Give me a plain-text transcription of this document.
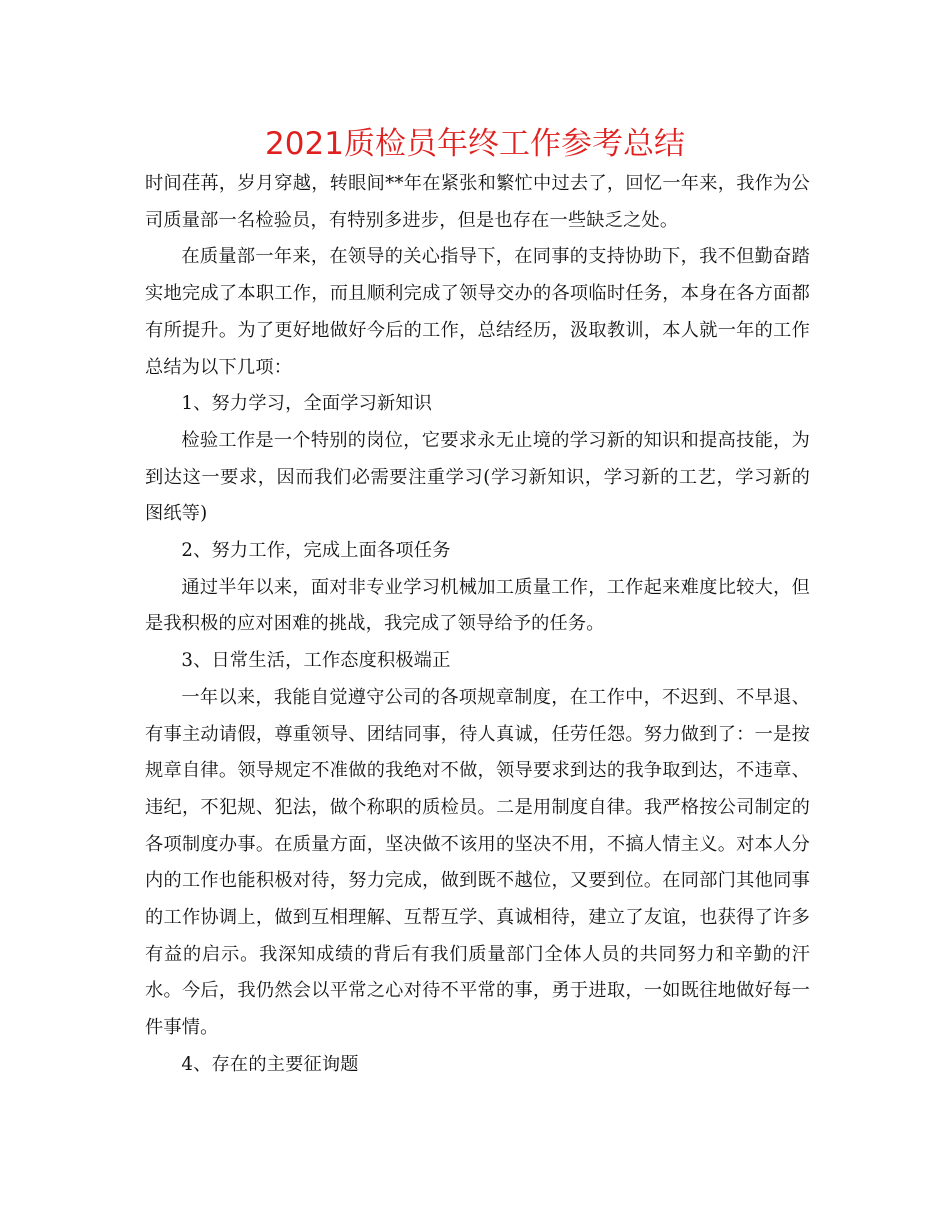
2021质检员年终工作参考总结

时间荏苒，岁月穿越，转眼间**年在紧张和繁忙中过去了，回忆一年来，我作为公司质量部一名检验员，有特别多进步，但是也存在一些缺乏之处。

在质量部一年来，在领导的关心指导下，在同事的支持协助下，我不但勤奋踏实地完成了本职工作，而且顺利完成了领导交办的各项临时任务，本身在各方面都有所提升。为了更好地做好今后的工作，总结经历，汲取教训，本人就一年的工作总结为以下几项：

1、努力学习，全面学习新知识

检验工作是一个特别的岗位，它要求永无止境的学习新的知识和提高技能，为到达这一要求，因而我们必需要注重学习(学习新知识，学习新的工艺，学习新的图纸等)

2、努力工作，完成上面各项任务

通过半年以来，面对非专业学习机械加工质量工作，工作起来难度比较大，但是我积极的应对困难的挑战，我完成了领导给予的任务。

3、日常生活，工作态度积极端正

一年以来，我能自觉遵守公司的各项规章制度，在工作中，不迟到、不早退、有事主动请假，尊重领导、团结同事，待人真诚，任劳任怨。努力做到了：一是按规章自律。领导规定不准做的我绝对不做，领导要求到达的我争取到达，不违章、违纪，不犯规、犯法，做个称职的质检员。二是用制度自律。我严格按公司制定的各项制度办事。在质量方面，坚决做不该用的坚决不用，不搞人情主义。对本人分内的工作也能积极对待，努力完成，做到既不越位，又要到位。在同部门其他同事的工作协调上，做到互相理解、互帮互学、真诚相待，建立了友谊，也获得了许多有益的启示。我深知成绩的背后有我们质量部门全体人员的共同努力和辛勤的汗水。今后，我仍然会以平常之心对待不平常的事，勇于进取，一如既往地做好每一件事情。

4、存在的主要征询题
